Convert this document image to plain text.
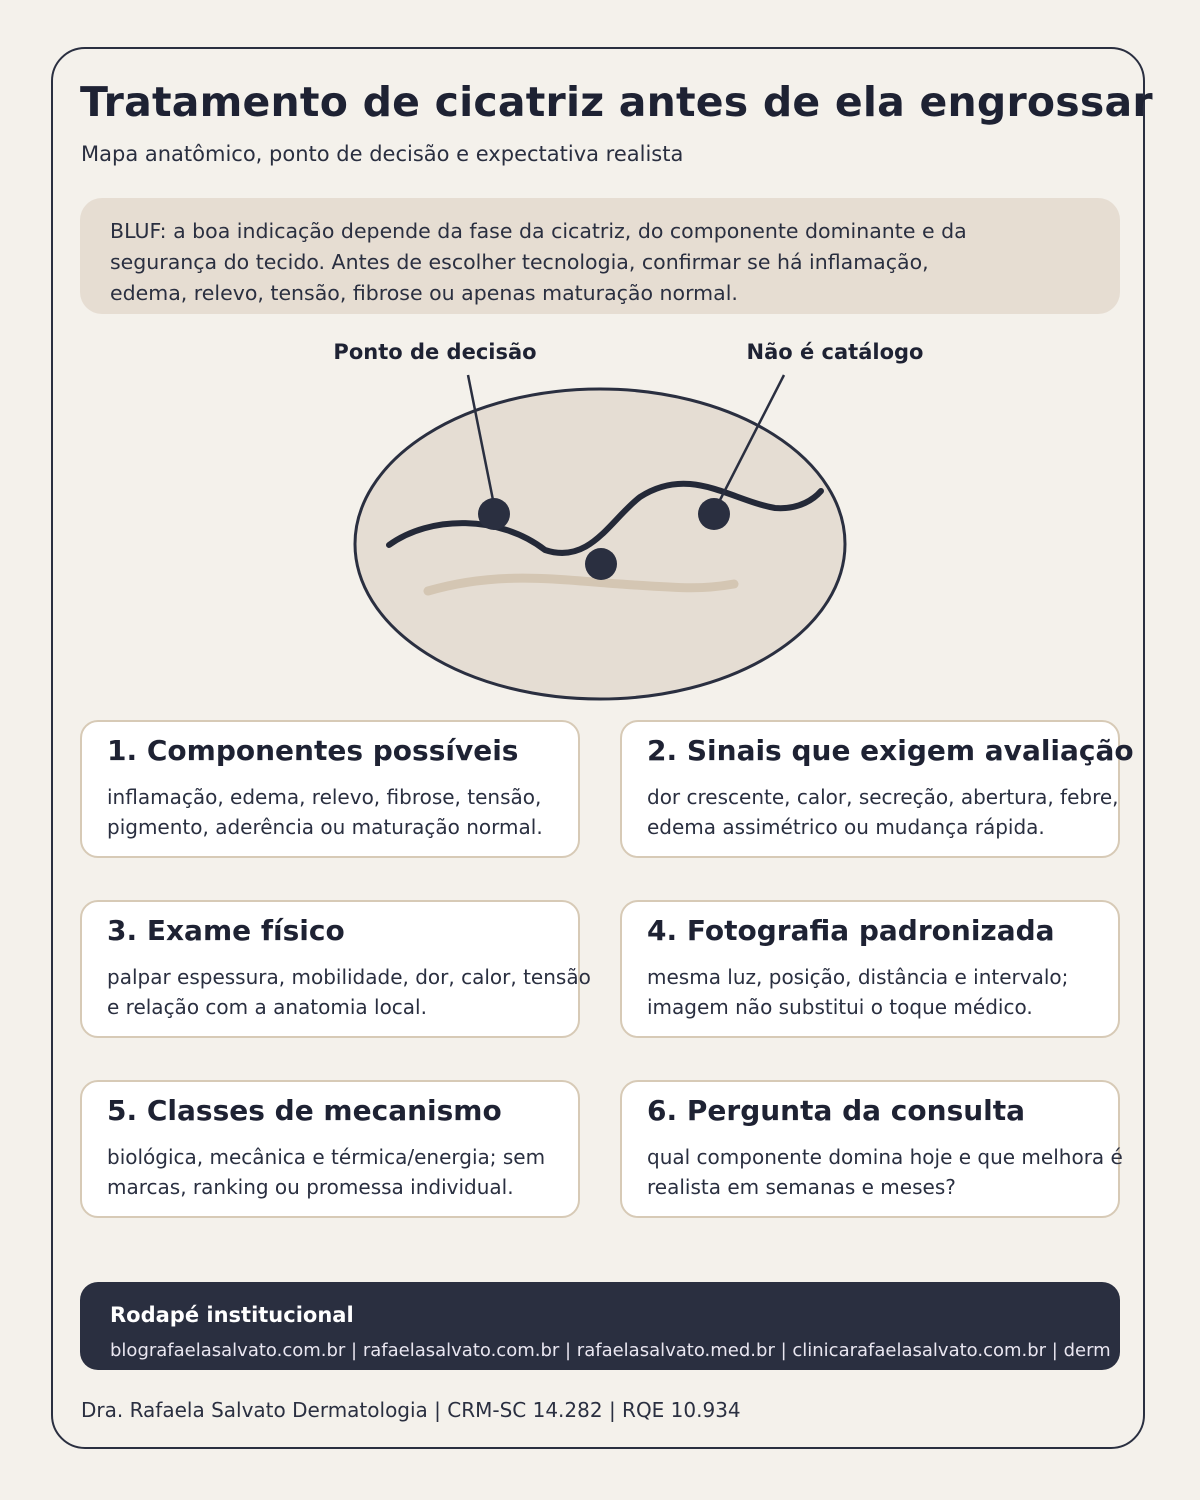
Tratamento de cicatriz antes de ela engrossar
Mapa anatômico, ponto de decisão e expectativa realista
BLUF: a boa indicação depende da fase da cicatriz, do componente dominante e da
segurança do tecido. Antes de escolher tecnologia, confirmar se há inflamação,
edema, relevo, tensão, fibrose ou apenas maturação normal.
Ponto de decisão	Não é catálogo
1. Componentes possíveis
inflamação, edema, relevo, fibrose, tensão,
pigmento, aderência ou maturação normal.
2. Sinais que exigem avaliação
dor crescente, calor, secreção, abertura, febre,
edema assimétrico ou mudança rápida.
3. Exame físico
palpar espessura, mobilidade, dor, calor, tensão
e relação com a anatomia local.
4. Fotografia padronizada
mesma luz, posição, distância e intervalo;
imagem não substitui o toque médico.
5. Classes de mecanismo
biológica, mecânica e térmica/energia; sem
marcas, ranking ou promessa individual.
6. Pergunta da consulta
qual componente domina hoje e que melhora é
realista em semanas e meses?
Rodapé institucional
blografaelasalvato.com.br | rafaelasalvato.com.br | rafaelasalvato.med.br | clinicarafaelasalvato.com.br | derm
Dra. Rafaela Salvato Dermatologia | CRM-SC 14.282 | RQE 10.934
